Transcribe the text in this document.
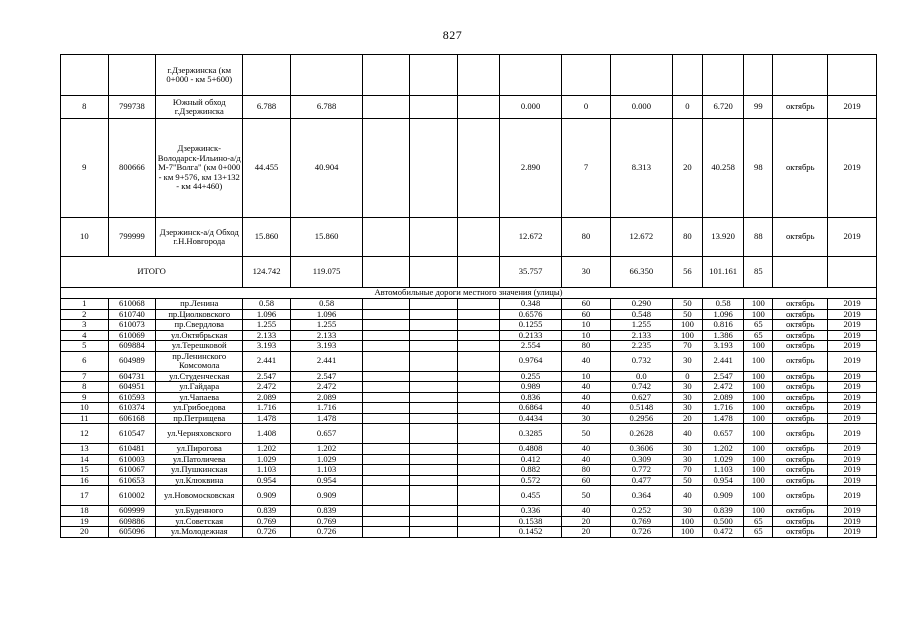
827
		г.Дзержинска (км 0+000 - км 5+600)													
8	799738	Южный обход г.Дзержинска	6.788	6.788				0.000	0	0.000	0	6.720	99	октябрь	2019
9	800666	Дзержинск-Володарск-Ильино-а/д М-7"Волга" (км 0+000 - км 9+576, км 13+132 - км 44+460)	44.455	40.904				2.890	7	8.313	20	40.258	98	октябрь	2019
10	799999	Дзержинск-а/д Обход г.Н.Новгорода	15.860	15.860				12.672	80	12.672	80	13.920	88	октябрь	2019
ИТОГО			124.742	119.075				35.757	30	66.350	56	101.161	85		
Автомобильные дороги местного значения (улицы)															
1	610068	пр.Ленина	0.58	0.58				0.348	60	0.290	50	0.58	100	октябрь	2019
2	610740	пр.Циолковского	1.096	1.096				0.6576	60	0.548	50	1.096	100	октябрь	2019
3	610073	пр.Свердлова	1.255	1.255				0.1255	10	1.255	100	0.816	65	октябрь	2019
4	610069	ул.Октябрьская	2.133	2.133				0.2133	10	2.133	100	1.386	65	октябрь	2019
5	609884	ул.Терешковой	3.193	3.193				2.554	80	2.235	70	3.193	100	октябрь	2019
6	604989	пр.Ленинского Комсомола	2.441	2.441				0.9764	40	0.732	30	2.441	100	октябрь	2019
7	604731	ул.Студенческая	2.547	2.547				0.255	10	0.0	0	2.547	100	октябрь	2019
8	604951	ул.Гайдара	2.472	2.472				0.989	40	0.742	30	2.472	100	октябрь	2019
9	610593	ул.Чапаева	2.089	2.089				0.836	40	0.627	30	2.089	100	октябрь	2019
10	610374	ул.Грибоедова	1.716	1.716				0.6864	40	0.5148	30	1.716	100	октябрь	2019
11	606168	пр.Петрищева	1.478	1.478				0.4434	30	0.2956	20	1.478	100	октябрь	2019
12	610547	ул.Черняховского	1.408	0.657				0.3285	50	0.2628	40	0.657	100	октябрь	2019
13	610481	ул.Пирогова	1.202	1.202				0.4808	40	0.3606	30	1.202	100	октябрь	2019
14	610003	ул.Патоличева	1.029	1.029				0.412	40	0.309	30	1.029	100	октябрь	2019
15	610067	ул.Пушкинская	1.103	1.103				0.882	80	0.772	70	1.103	100	октябрь	2019
16	610653	ул.Клюквина	0.954	0.954				0.572	60	0.477	50	0.954	100	октябрь	2019
17	610002	ул.Новомосковская	0.909	0.909				0.455	50	0.364	40	0.909	100	октябрь	2019
18	609999	ул.Буденного	0.839	0.839				0.336	40	0.252	30	0.839	100	октябрь	2019
19	609886	ул.Советская	0.769	0.769				0.1538	20	0.769	100	0.500	65	октябрь	2019
20	605096	ул.Молодежная	0.726	0.726				0.1452	20	0.726	100	0.472	65	октябрь	2019
